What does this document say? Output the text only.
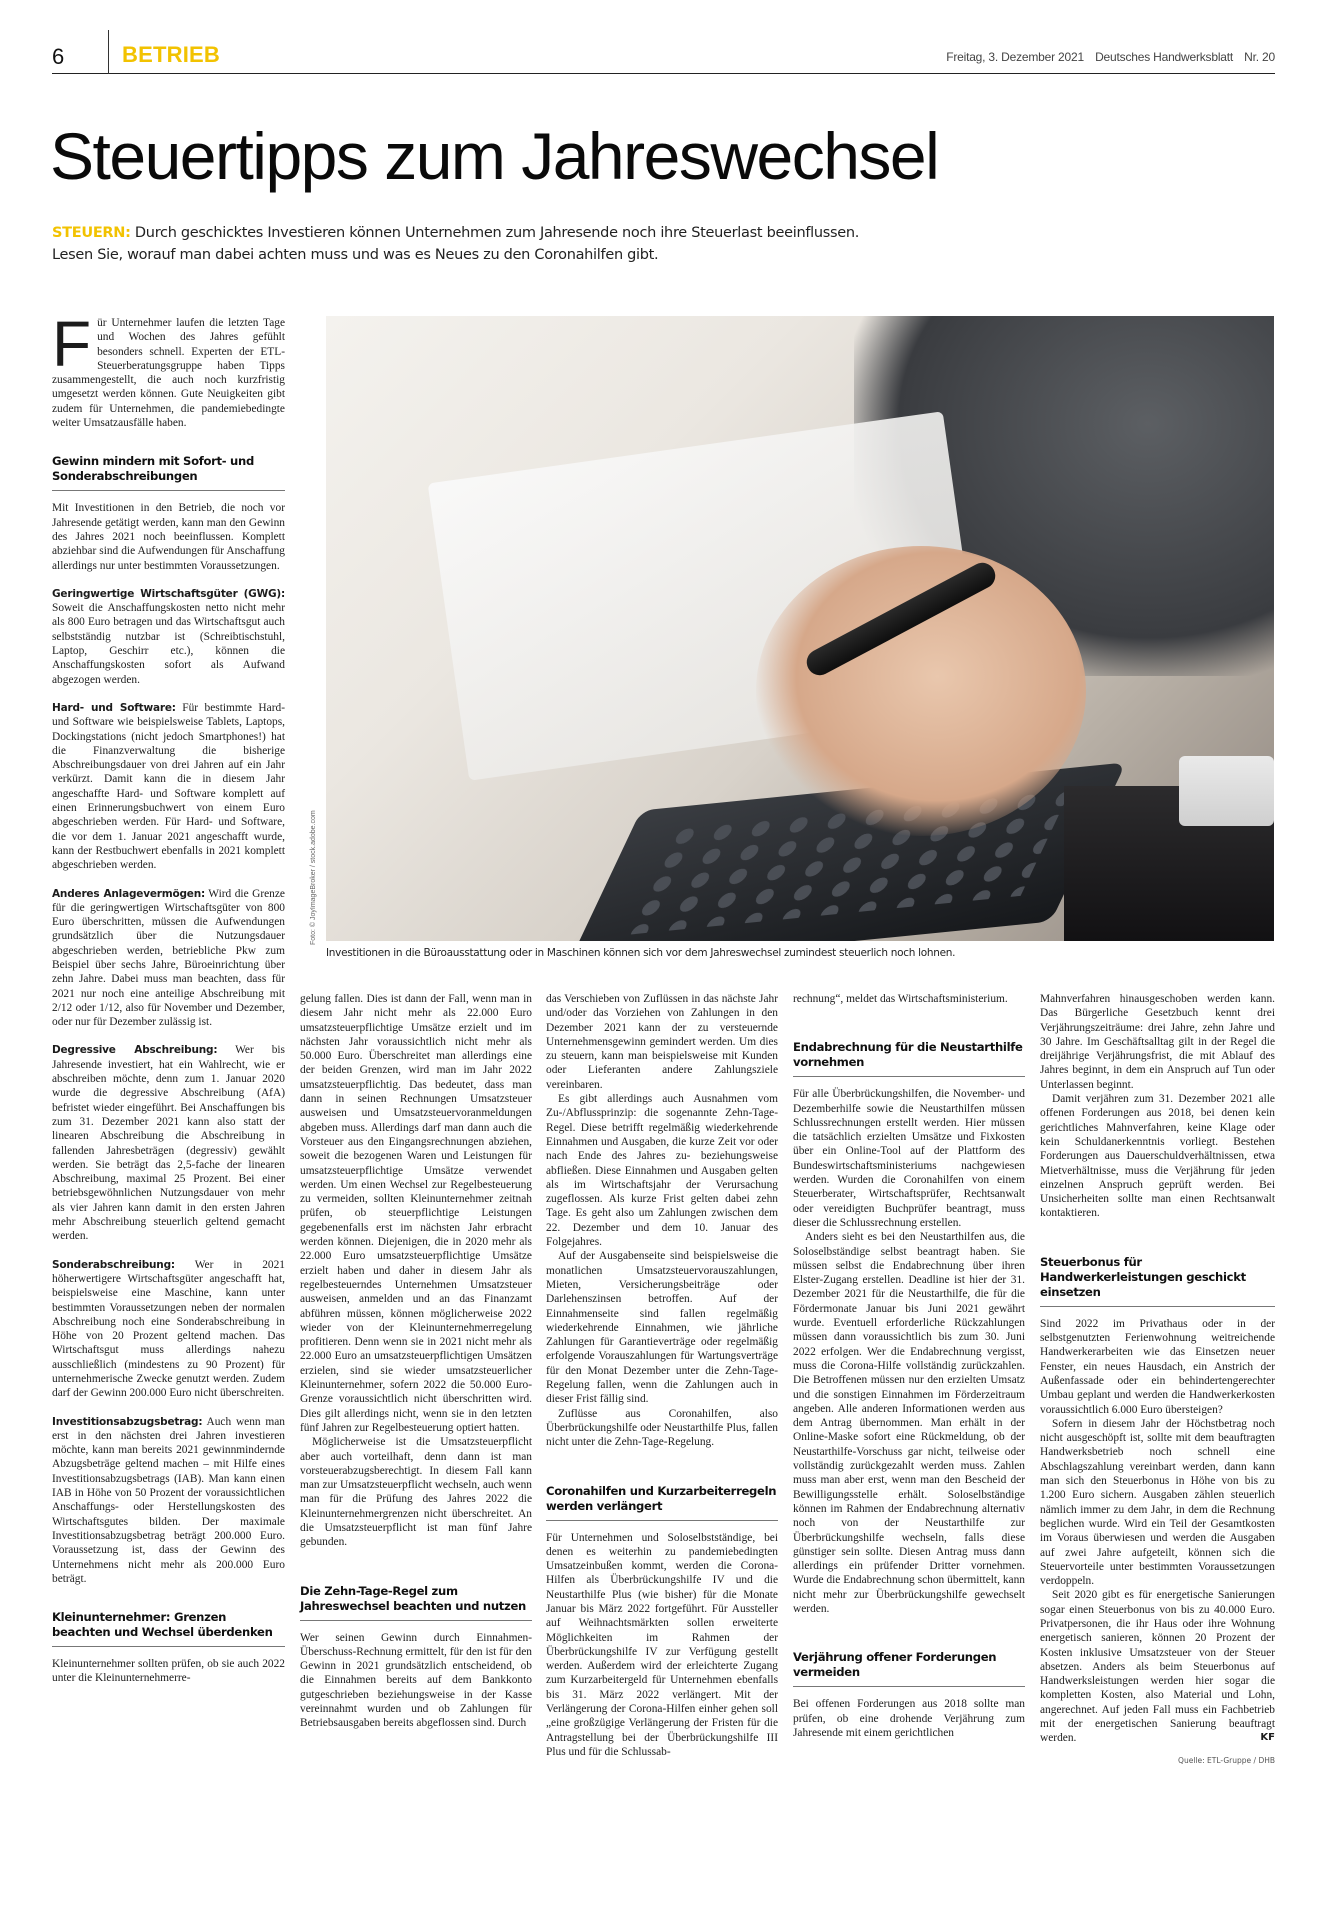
6	BETRIEB	Freitag, 3. Dezember 2021 Deutsches Handwerksblatt Nr. 20
Steuertipps zum Jahreswechsel
STEUERN: Durch geschicktes Investieren können Unternehmen zum Jahresende noch ihre Steuerlast beeinflussen.
Lesen Sie, worauf man dabei achten muss und was es Neues zu den Coronahilfen gibt.
Foto: © JoyImageBroker / stock.adobe.com
Investitionen in die Büroausstattung oder in Maschinen können sich vor dem Jahreswechsel zumindest steuerlich noch lohnen.

Für Unternehmer laufen die letzten Tage und Wochen des Jahres gefühlt besonders schnell. Experten der ETL-Steuerberatungsgruppe haben Tipps zusammengestellt, die auch noch kurzfristig umgesetzt werden können. Gute Neuigkeiten gibt zudem für Unternehmen, die pandemiebedingte weiter Umsatzausfälle haben.

Gewinn mindern mit Sofort- und Sonderabschreibungen

Mit Investitionen in den Betrieb, die noch vor Jahresende getätigt werden, kann man den Gewinn des Jahres 2021 noch beeinflussen. Komplett abziehbar sind die Aufwendungen für Anschaffung allerdings nur unter bestimmten Voraussetzungen.

Geringwertige Wirtschaftsgüter (GWG): Soweit die Anschaffungskosten netto nicht mehr als 800 Euro betragen und das Wirtschaftsgut auch selbstständig nutzbar ist (Schreibtischstuhl, Laptop, Geschirr etc.), können die Anschaffungskosten sofort als Aufwand abgezogen werden.

Hard- und Software: Für bestimmte Hard- und Software wie beispielsweise Tablets, Laptops, Dockingstations (nicht jedoch Smartphones!) hat die Finanzverwaltung die bisherige Abschreibungsdauer von drei Jahren auf ein Jahr verkürzt. Damit kann die in diesem Jahr angeschaffte Hard- und Software komplett auf einen Erinnerungsbuchwert von einem Euro abgeschrieben werden. Für Hard- und Software, die vor dem 1. Januar 2021 angeschafft wurde, kann der Restbuchwert ebenfalls in 2021 komplett abgeschrieben werden.

Anderes Anlagevermögen: Wird die Grenze für die geringwertigen Wirtschaftsgüter von 800 Euro überschritten, müssen die Aufwendungen grundsätzlich über die Nutzungsdauer abgeschrieben werden, betriebliche Pkw zum Beispiel über sechs Jahre, Büroeinrichtung über zehn Jahre. Dabei muss man beachten, dass für 2021 nur noch eine anteilige Abschreibung mit 2/12 oder 1/12, also für November und Dezember, oder nur für Dezember zulässig ist.

Degressive Abschreibung: Wer bis Jahresende investiert, hat ein Wahlrecht, wie er abschreiben möchte, denn zum 1. Januar 2020 wurde die degressive Abschreibung (AfA) befristet wieder eingeführt. Bei Anschaffungen bis zum 31. Dezember 2021 kann also statt der linearen Abschreibung die Abschreibung in fallenden Jahresbeträgen (degressiv) gewählt werden. Sie beträgt das 2,5-fache der linearen Abschreibung, maximal 25 Prozent. Bei einer betriebsgewöhnlichen Nutzungsdauer von mehr als vier Jahren kann damit in den ersten Jahren mehr Abschreibung steuerlich geltend gemacht werden.

Sonderabschreibung: Wer in 2021 höherwertigere Wirtschaftsgüter angeschafft hat, beispielsweise eine Maschine, kann unter bestimmten Voraussetzungen neben der normalen Abschreibung noch eine Sonderabschreibung in Höhe von 20 Prozent geltend machen. Das Wirtschaftsgut muss allerdings nahezu ausschließlich (mindestens zu 90 Prozent) für unternehmerische Zwecke genutzt werden. Zudem darf der Gewinn 200.000 Euro nicht überschreiten.

Investitionsabzugsbetrag: Auch wenn man erst in den nächsten drei Jahren investieren möchte, kann man bereits 2021 gewinnmindernde Abzugsbeträge geltend machen – mit Hilfe eines Investitionsabzugsbetrags (IAB). Man kann einen IAB in Höhe von 50 Prozent der voraussichtlichen Anschaffungs- oder Herstellungskosten des Wirtschaftsgutes bilden. Der maximale Investitionsabzugsbetrag beträgt 200.000 Euro. Voraussetzung ist, dass der Gewinn des Unternehmens nicht mehr als 200.000 Euro beträgt.

Kleinunternehmer: Grenzen beachten und Wechsel überdenken

Kleinunternehmer sollten prüfen, ob sie auch 2022 unter die Kleinunternehmerre-

gelung fallen. Dies ist dann der Fall, wenn man in diesem Jahr nicht mehr als 22.000 Euro umsatzsteuerpflichtige Umsätze erzielt und im nächsten Jahr voraussichtlich nicht mehr als 50.000 Euro. Überschreitet man allerdings eine der beiden Grenzen, wird man im Jahr 2022 umsatzsteuerpflichtig. Das bedeutet, dass man dann in seinen Rechnungen Umsatzsteuer ausweisen und Umsatzsteuervoranmeldungen abgeben muss. Allerdings darf man dann auch die Vorsteuer aus den Eingangsrechnungen abziehen, soweit die bezogenen Waren und Leistungen für umsatzsteuerpflichtige Umsätze verwendet werden. Um einen Wechsel zur Regelbesteuerung zu vermeiden, sollten Kleinunternehmer zeitnah prüfen, ob steuerpflichtige Leistungen gegebenenfalls erst im nächsten Jahr erbracht werden können. Diejenigen, die in 2020 mehr als 22.000 Euro umsatzsteuerpflichtige Umsätze erzielt haben und daher in diesem Jahr als regelbesteuerndes Unternehmen Umsatzsteuer ausweisen, anmelden und an das Finanzamt abführen müssen, können möglicherweise 2022 wieder von der Kleinunternehmerregelung profitieren. Denn wenn sie in 2021 nicht mehr als 22.000 Euro an umsatzsteuerpflichtigen Umsätzen erzielen, sind sie wieder umsatzsteuerlicher Kleinunternehmer, sofern 2022 die 50.000 Euro-Grenze voraussichtlich nicht überschritten wird. Dies gilt allerdings nicht, wenn sie in den letzten fünf Jahren zur Regelbesteuerung optiert hatten.

Möglicherweise ist die Umsatzsteuerpflicht aber auch vorteilhaft, denn dann ist man vorsteuerabzugsberechtigt. In diesem Fall kann man zur Umsatzsteuerpflicht wechseln, auch wenn man für die Prüfung des Jahres 2022 die Kleinunternehmergrenzen nicht überschreitet. An die Umsatzsteuerpflicht ist man fünf Jahre gebunden.

Die Zehn-Tage-Regel zum Jahreswechsel beachten und nutzen

Wer seinen Gewinn durch Einnahmen-Überschuss-Rechnung ermittelt, für den ist für den Gewinn in 2021 grundsätzlich entscheidend, ob die Einnahmen bereits auf dem Bankkonto gutgeschrieben beziehungsweise in der Kasse vereinnahmt wurden und ob Zahlungen für Betriebsausgaben bereits abgeflossen sind. Durch

das Verschieben von Zuflüssen in das nächste Jahr und/oder das Vorziehen von Zahlungen in den Dezember 2021 kann der zu versteuernde Unternehmensgewinn gemindert werden. Um dies zu steuern, kann man beispielsweise mit Kunden oder Lieferanten andere Zahlungsziele vereinbaren.

Es gibt allerdings auch Ausnahmen vom Zu-/Abflussprinzip: die sogenannte Zehn-Tage-Regel. Diese betrifft regelmäßig wiederkehrende Einnahmen und Ausgaben, die kurze Zeit vor oder nach Ende des Jahres zu- beziehungsweise abfließen. Diese Einnahmen und Ausgaben gelten als im Wirtschaftsjahr der Verursachung zugeflossen. Als kurze Frist gelten dabei zehn Tage. Es geht also um Zahlungen zwischen dem 22. Dezember und dem 10. Januar des Folgejahres.

Auf der Ausgabenseite sind beispielsweise die monatlichen Umsatzsteuervorauszahlungen, Mieten, Versicherungsbeiträge oder Darlehenszinsen betroffen. Auf der Einnahmenseite sind fallen regelmäßig wiederkehrende Einnahmen, wie jährliche Zahlungen für Garantieverträge oder regelmäßig erfolgende Vorauszahlungen für Wartungsverträge für den Monat Dezember unter die Zehn-Tage-Regelung fallen, wenn die Zahlungen auch in dieser Frist fällig sind.

Zuflüsse aus Coronahilfen, also Überbrückungshilfe oder Neustarthilfe Plus, fallen nicht unter die Zehn-Tage-Regelung.

Coronahilfen und Kurzarbeiterregeln werden verlängert

Für Unternehmen und Soloselbstständige, bei denen es weiterhin zu pandemiebedingten Umsatzeinbußen kommt, werden die Corona-Hilfen als Überbrückungshilfe IV und die Neustarthilfe Plus (wie bisher) für die Monate Januar bis März 2022 fortgeführt. Für Aussteller auf Weihnachtsmärkten sollen erweiterte Möglichkeiten im Rahmen der Überbrückungshilfe IV zur Verfügung gestellt werden. Außerdem wird der erleichterte Zugang zum Kurzarbeitergeld für Unternehmen ebenfalls bis 31. März 2022 verlängert. Mit der Verlängerung der Corona-Hilfen einher gehen soll „eine großzügige Verlängerung der Fristen für die Antragstellung bei der Überbrückungshilfe III Plus und für die Schlussab-

rechnung“, meldet das Wirtschaftsministerium.

Endabrechnung für die Neustarthilfe vornehmen

Für alle Überbrückungshilfen, die November- und Dezemberhilfe sowie die Neustarthilfen müssen Schlussrechnungen erstellt werden. Hier müssen die tatsächlich erzielten Umsätze und Fixkosten über ein Online-Tool auf der Plattform des Bundeswirtschaftsministeriums nachgewiesen werden. Wurden die Coronahilfen von einem Steuerberater, Wirtschaftsprüfer, Rechtsanwalt oder vereidigten Buchprüfer beantragt, muss dieser die Schlussrechnung erstellen.

Anders sieht es bei den Neustarthilfen aus, die Soloselbständige selbst beantragt haben. Sie müssen selbst die Endabrechnung über ihren Elster-Zugang erstellen. Deadline ist hier der 31. Dezember 2021 für die Neustarthilfe, die für die Fördermonate Januar bis Juni 2021 gewährt wurde. Eventuell erforderliche Rückzahlungen müssen dann voraussichtlich bis zum 30. Juni 2022 erfolgen. Wer die Endabrechnung vergisst, muss die Corona-Hilfe vollständig zurückzahlen. Die Betroffenen müssen nur den erzielten Umsatz und die sonstigen Einnahmen im Förderzeitraum angeben. Alle anderen Informationen werden aus dem Antrag übernommen. Man erhält in der Online-Maske sofort eine Rückmeldung, ob der Neustarthilfe-Vorschuss gar nicht, teilweise oder vollständig zurückgezahlt werden muss. Zahlen muss man aber erst, wenn man den Bescheid der Bewilligungsstelle erhält. Soloselbständige können im Rahmen der Endabrechnung alternativ noch von der Neustarthilfe zur Überbrückungshilfe wechseln, falls diese günstiger sein sollte. Diesen Antrag muss dann allerdings ein prüfender Dritter vornehmen. Wurde die Endabrechnung schon übermittelt, kann nicht mehr zur Überbrückungshilfe gewechselt werden.

Verjährung offener Forderungen vermeiden

Bei offenen Forderungen aus 2018 sollte man prüfen, ob eine drohende Verjährung zum Jahresende mit einem gerichtlichen

Mahnverfahren hinausgeschoben werden kann. Das Bürgerliche Gesetzbuch kennt drei Verjährungszeiträume: drei Jahre, zehn Jahre und 30 Jahre. Im Geschäftsalltag gilt in der Regel die dreijährige Verjährungsfrist, die mit Ablauf des Jahres beginnt, in dem ein Anspruch auf Tun oder Unterlassen beginnt.

Damit verjähren zum 31. Dezember 2021 alle offenen Forderungen aus 2018, bei denen kein gerichtliches Mahnverfahren, keine Klage oder kein Schuldanerkenntnis vorliegt. Bestehen Forderungen aus Dauerschuldverhältnissen, etwa Mietverhältnisse, muss die Verjährung für jeden einzelnen Anspruch geprüft werden. Bei Unsicherheiten sollte man einen Rechtsanwalt kontaktieren.

Steuerbonus für Handwerkerleistungen geschickt einsetzen

Sind 2022 im Privathaus oder in der selbstgenutzten Ferienwohnung weitreichende Handwerkerarbeiten wie das Einsetzen neuer Fenster, ein neues Hausdach, ein Anstrich der Außenfassade oder ein behindertengerechter Umbau geplant und werden die Handwerkerkosten voraussichtlich 6.000 Euro übersteigen?

Sofern in diesem Jahr der Höchstbetrag noch nicht ausgeschöpft ist, sollte mit dem beauftragten Handwerksbetrieb noch schnell eine Abschlagszahlung vereinbart werden, dann kann man sich den Steuerbonus in Höhe von bis zu 1.200 Euro sichern. Ausgaben zählen steuerlich nämlich immer zu dem Jahr, in dem die Rechnung beglichen wurde. Wird ein Teil der Gesamtkosten im Voraus überwiesen und werden die Ausgaben auf zwei Jahre aufgeteilt, können sich die Steuervorteile unter bestimmten Voraussetzungen verdoppeln.

Seit 2020 gibt es für energetische Sanierungen sogar einen Steuerbonus von bis zu 40.000 Euro. Privatpersonen, die ihr Haus oder ihre Wohnung energetisch sanieren, können 20 Prozent der Kosten inklusive Umsatzsteuer von der Steuer absetzen. Anders als beim Steuerbonus auf Handwerksleistungen werden hier sogar die kompletten Kosten, also Material und Lohn, angerechnet. Auf jeden Fall muss ein Fachbetrieb mit der energetischen Sanierung beauftragt werden.	KF

Quelle: ETL-Gruppe / DHB
